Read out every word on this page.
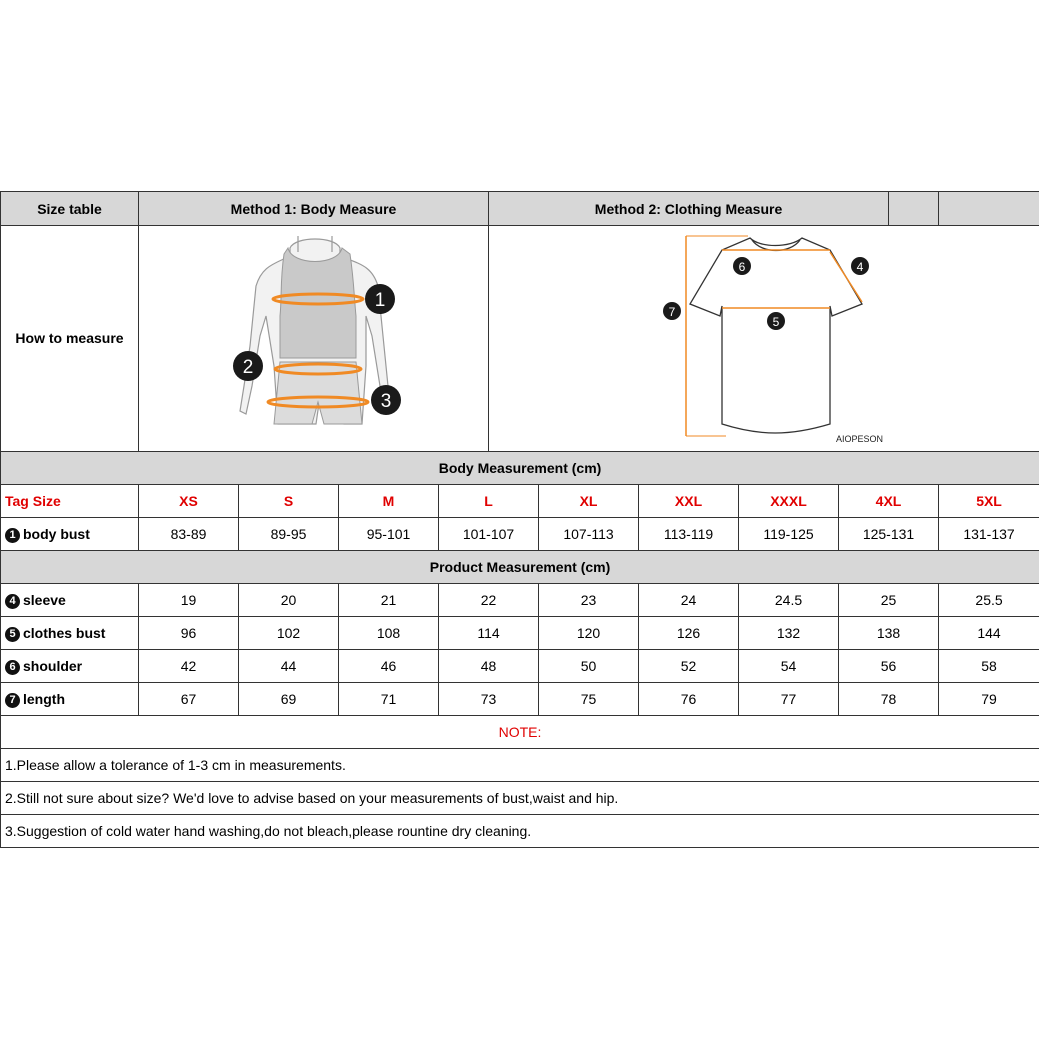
Size table	Method 1: Body Measure				Method 2: Clothing Measure						
How to measure	1
2
3				6 4
7
5
AIOPESON						

Body Measurement (cm)											
Tag Size	XS	S	M	L		XL	XXL	XXXL	4XL		5XL
1 body bust	83-89	89-95	95-101	101-107		107-113	113-119	119-125	125-131		131-137
Product Measurement (cm)											
4 sleeve	19	20	21	22		23	24	24.5	25		25.5
5 clothes bust	96	102	108	114		120	126	132	138		144
6 shoulder	42	44	46	48		50	52	54	56		58
7 length	67	69	71	73		75	76	77	78		79
NOTE:											
1.Please allow a tolerance of 1-3 cm in measurements.											
2.Still not sure about size? We'd love to advise based on your measurements of bust,waist and hip.											
3.Suggestion of cold water hand washing,do not bleach,please rountine dry cleaning.											
